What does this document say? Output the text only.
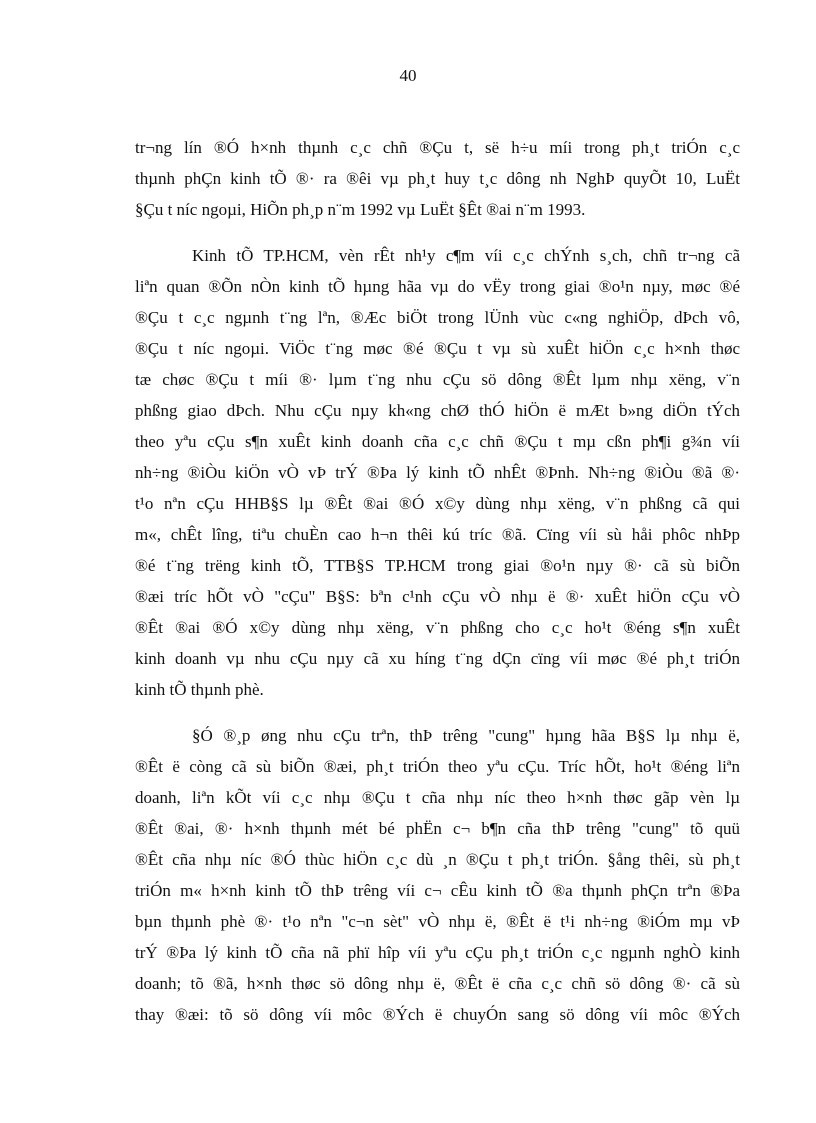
40
tr¬ng lín ®Ó h×nh thµnh c¸c chñ ®Çu t, së h÷u míi trong ph¸t triÓn c¸c
thµnh phÇn kinh tÕ ®· ra ®êi vµ ph¸t huy t¸c dông nh NghÞ quyÕt 10, LuËt
§Çu t níc ngoµi, HiÕn ph¸p n¨m 1992 vµ LuËt §Êt ®ai n¨m 1993.
Kinh tÕ TP.HCM, vèn rÊt nh¹y c¶m víi c¸c chÝnh s¸ch, chñ tr¬ng cã
liªn quan ®Õn nÒn kinh tÕ hµng hãa vµ do vËy trong giai ®o¹n nµy, møc ®é
®Çu t c¸c ngµnh t¨ng lªn, ®Æc biÖt trong lÜnh vùc c«ng nghiÖp, dÞch vô,
®Çu t níc ngoµi. ViÖc t¨ng møc ®é ®Çu t vµ sù xuÊt hiÖn c¸c h×nh thøc
tæ chøc ®Çu t míi ®· lµm t¨ng nhu cÇu sö dông ®Êt lµm nhµ xëng, v¨n
phßng giao dÞch. Nhu cÇu nµy kh«ng chØ thÓ hiÖn ë mÆt b»ng diÖn tÝch
theo yªu cÇu s¶n xuÊt kinh doanh cña c¸c chñ ®Çu t mµ cßn ph¶i g¾n víi
nh÷ng ®iÒu kiÖn vÒ vÞ trÝ ®Þa lý kinh tÕ nhÊt ®Þnh. Nh÷ng ®iÒu ®ã ®·
t¹o nªn cÇu HHB§S lµ ®Êt ®ai ®Ó x©y dùng nhµ xëng, v¨n phßng cã qui
m«, chÊt lîng, tiªu chuÈn cao h¬n thêi kú tríc ®ã. Cïng víi sù håi phôc nhÞp
®é t¨ng trëng kinh tÕ, TTB§S TP.HCM trong giai ®o¹n nµy ®· cã sù biÕn
®æi tríc hÕt vÒ "cÇu" B§S: bªn c¹nh cÇu vÒ nhµ ë ®· xuÊt hiÖn cÇu vÒ
®Êt ®ai ®Ó x©y dùng nhµ xëng, v¨n phßng cho c¸c ho¹t ®éng s¶n xuÊt
kinh doanh vµ nhu cÇu nµy cã xu híng t¨ng dÇn cïng víi møc ®é ph¸t triÓn
kinh tÕ thµnh phè.
§Ó ®¸p øng nhu cÇu trªn, thÞ trêng "cung" hµng hãa B§S lµ nhµ ë,
®Êt ë còng cã sù biÕn ®æi, ph¸t triÓn theo yªu cÇu. Tríc hÕt, ho¹t ®éng liªn
doanh, liªn kÕt víi c¸c nhµ ®Çu t cña nhµ níc theo h×nh thøc gãp vèn lµ
®Êt ®ai, ®· h×nh thµnh mét bé phËn c¬ b¶n cña thÞ trêng "cung" tõ quü
®Êt cña nhµ níc ®Ó thùc hiÖn c¸c dù ¸n ®Çu t ph¸t triÓn. §ång thêi, sù ph¸t
triÓn m« h×nh kinh tÕ thÞ trêng víi c¬ cÊu kinh tÕ ®a thµnh phÇn trªn ®Þa
bµn thµnh phè ®· t¹o nªn "c¬n sèt" vÒ nhµ ë, ®Êt ë t¹i nh÷ng ®iÓm mµ vÞ
trÝ ®Þa lý kinh tÕ cña nã phï hîp víi yªu cÇu ph¸t triÓn c¸c ngµnh nghÒ kinh
doanh; tõ ®ã, h×nh thøc sö dông nhµ ë, ®Êt ë cña c¸c chñ sö dông ®· cã sù
thay ®æi: tõ sö dông víi môc ®Ých ë chuyÓn sang sö dông víi môc ®Ých
